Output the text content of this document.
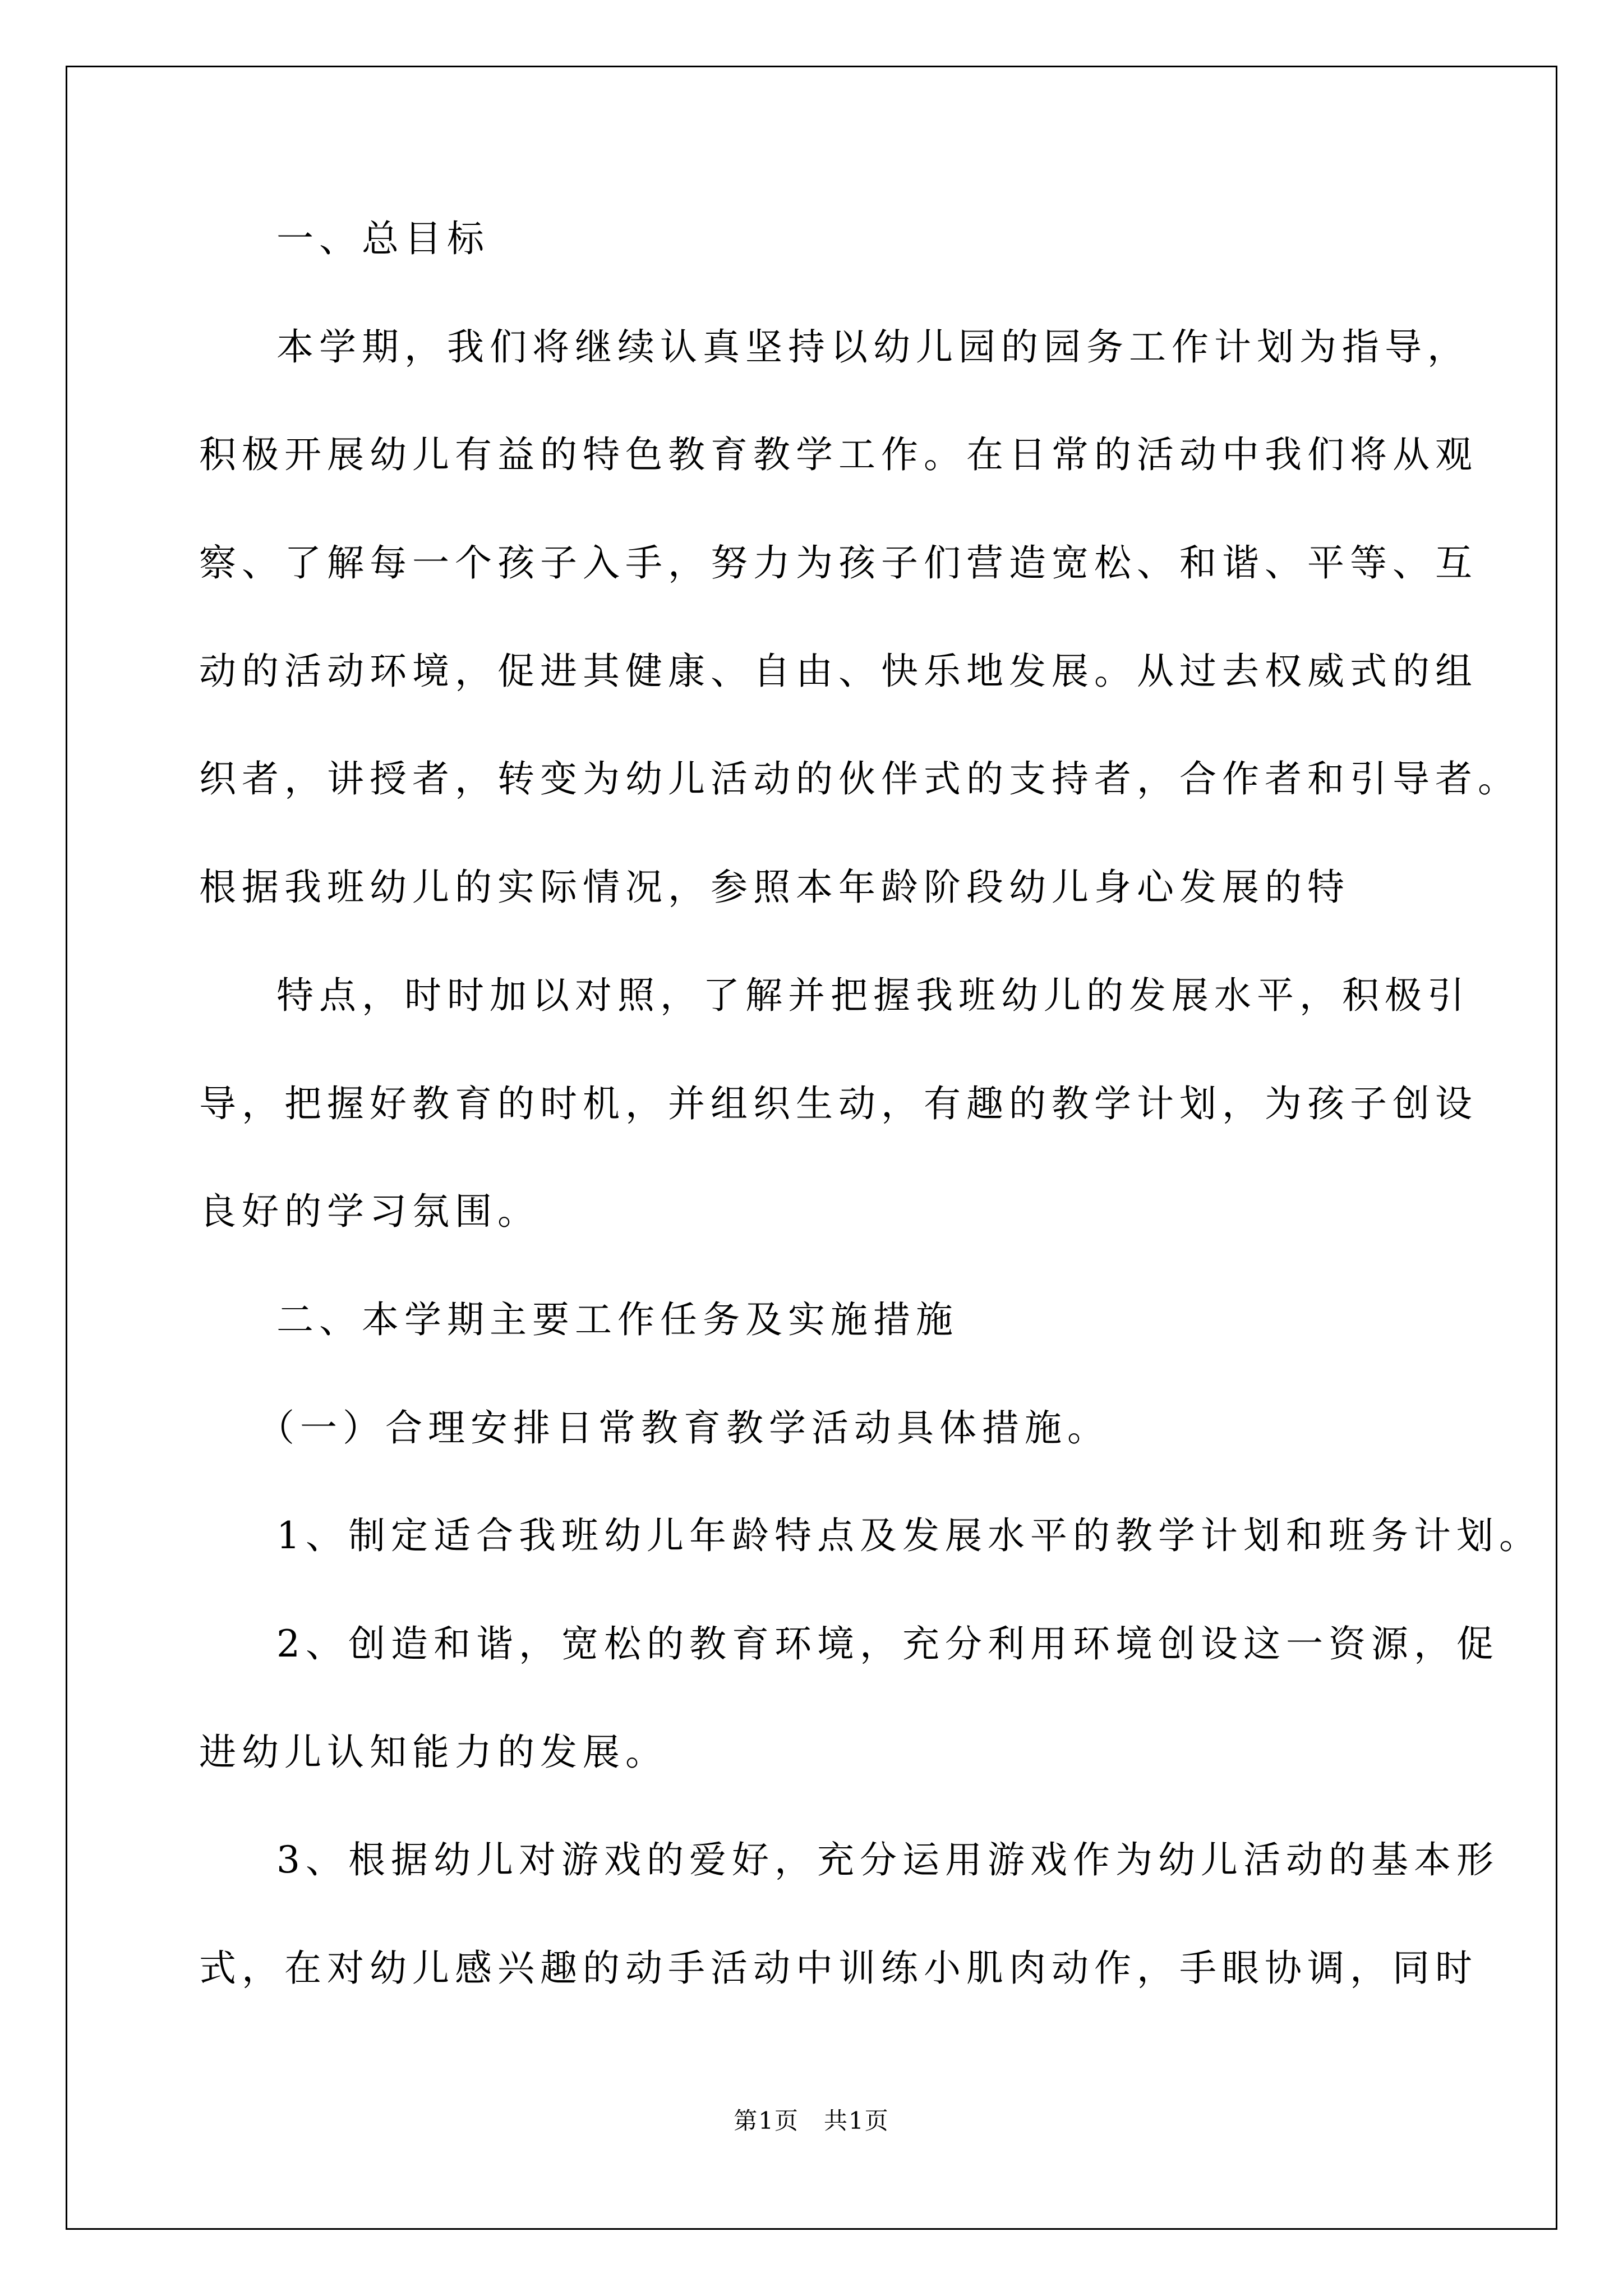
一、总目标
本学期，我们将继续认真坚持以幼儿园的园务工作计划为指导，
积极开展幼儿有益的特色教育教学工作。在日常的活动中我们将从观
察、了解每一个孩子入手，努力为孩子们营造宽松、和谐、平等、互
动的活动环境，促进其健康、自由、快乐地发展。从过去权威式的组
织者，讲授者，转变为幼儿活动的伙伴式的支持者，合作者和引导者。
根据我班幼儿的实际情况，参照本年龄阶段幼儿身心发展的特
特点，时时加以对照，了解并把握我班幼儿的发展水平，积极引
导，把握好教育的时机，并组织生动，有趣的教学计划，为孩子创设
良好的学习氛围。
二、本学期主要工作任务及实施措施
（一）合理安排日常教育教学活动具体措施。
1、制定适合我班幼儿年龄特点及发展水平的教学计划和班务计划。
2、创造和谐，宽松的教育环境，充分利用环境创设这一资源，促
进幼儿认知能力的发展。
3、根据幼儿对游戏的爱好，充分运用游戏作为幼儿活动的基本形
式，在对幼儿感兴趣的动手活动中训练小肌肉动作，手眼协调，同时
第1页　共1页
